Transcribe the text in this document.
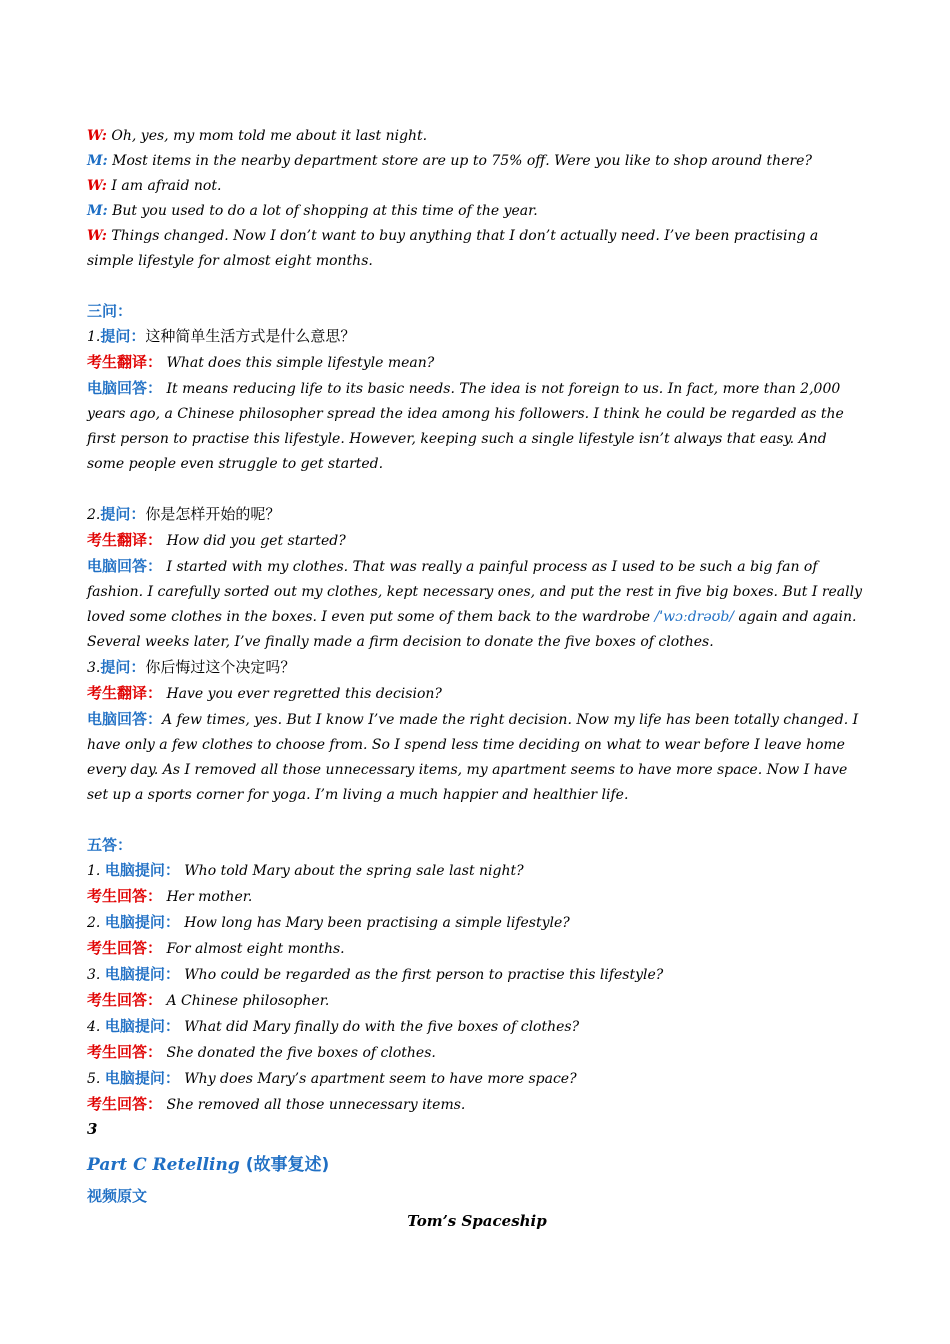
W: Oh, yes, my mom told me about it last night.
M: Most items in the nearby department store are up to 75% off. Were you like to shop around there?
W: I am afraid not.
M: But you used to do a lot of shopping at this time of the year.
W: Things changed. Now I don’t want to buy anything that I don’t actually need. I’ve been practising a simple lifestyle for almost eight months.
三问：
1.提问：这种简单生活方式是什么意思？
考生翻译： What does this simple lifestyle mean?
电脑回答： It means reducing life to its basic needs. The idea is not foreign to us. In fact, more than 2,000 years ago, a Chinese philosopher spread the idea among his followers. I think he could be regarded as the first person to practise this lifestyle. However, keeping such a single lifestyle isn’t always that easy. And some people even struggle to get started.
2.提问：你是怎样开始的呢？
考生翻译： How did you get started?
电脑回答： I started with my clothes. That was really a painful process as I used to be such a big fan of fashion. I carefully sorted out my clothes, kept necessary ones, and put the rest in five big boxes. But I really loved some clothes in the boxes. I even put some of them back to the wardrobe /ˈwɔːdrəʊb/ again and again. Several weeks later, I’ve finally made a firm decision to donate the five boxes of clothes.
3.提问：你后悔过这个决定吗？
考生翻译： Have you ever regretted this decision?
电脑回答：A few times, yes. But I know I’ve made the right decision. Now my life has been totally changed. I have only a few clothes to choose from. So I spend less time deciding on what to wear before I leave home every day. As I removed all those unnecessary items, my apartment seems to have more space. Now I have set up a sports corner for yoga. I’m living a much happier and healthier life.
五答：
1. 电脑提问： Who told Mary about the spring sale last night?
考生回答： Her mother.
2. 电脑提问： How long has Mary been practising a simple lifestyle?
考生回答： For almost eight months.
3. 电脑提问： Who could be regarded as the first person to practise this lifestyle?
考生回答： A Chinese philosopher.
4. 电脑提问： What did Mary finally do with the five boxes of clothes?
考生回答： She donated the five boxes of clothes.
5. 电脑提问： Why does Mary’s apartment seem to have more space?
考生回答： She removed all those unnecessary items.
3
Part C Retelling (故事复述)
视频原文
Tom’s Spaceship
